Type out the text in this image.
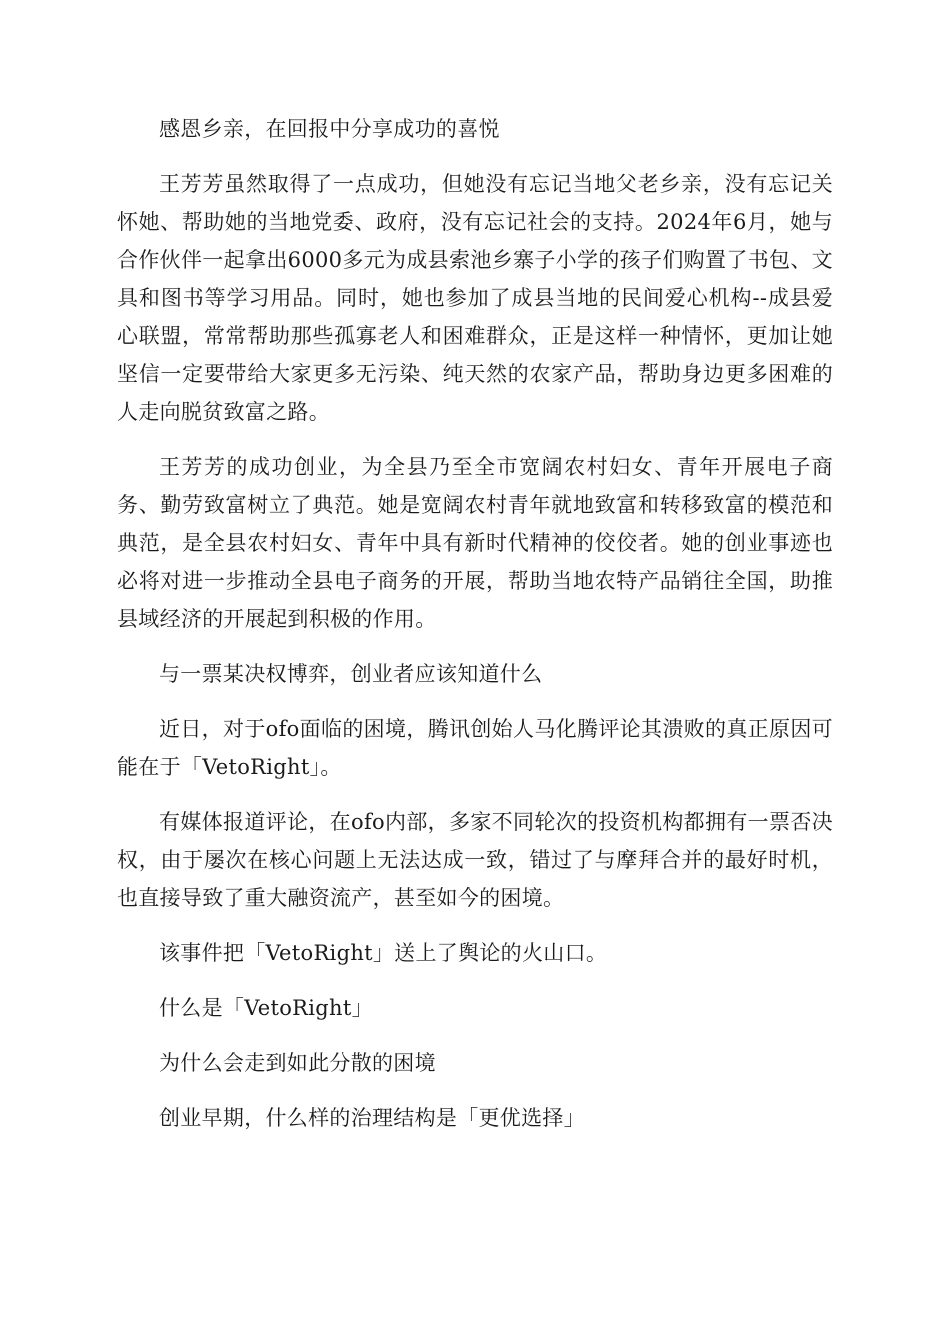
感恩乡亲，在回报中分享成功的喜悦

王芳芳虽然取得了一点成功，但她没有忘记当地父老乡亲，没有忘记关怀她、帮助她的当地党委、政府，没有忘记社会的支持。2024年6月，她与合作伙伴一起拿出6000多元为成县索池乡寨子小学的孩子们购置了书包、文具和图书等学习用品。同时，她也参加了成县当地的民间爱心机构--成县爱心联盟，常常帮助那些孤寡老人和困难群众，正是这样一种情怀，更加让她坚信一定要带给大家更多无污染、纯天然的农家产品，帮助身边更多困难的人走向脱贫致富之路。

王芳芳的成功创业，为全县乃至全市宽阔农村妇女、青年开展电子商务、勤劳致富树立了典范。她是宽阔农村青年就地致富和转移致富的模范和典范，是全县农村妇女、青年中具有新时代精神的佼佼者。她的创业事迹也必将对进一步推动全县电子商务的开展，帮助当地农特产品销往全国，助推县域经济的开展起到积极的作用。

与一票某决权博弈，创业者应该知道什么

近日，对于ofo面临的困境，腾讯创始人马化腾评论其溃败的真正原因可能在于「VetoRight」。

有媒体报道评论，在ofo内部，多家不同轮次的投资机构都拥有一票否决权，由于屡次在核心问题上无法达成一致，错过了与摩拜合并的最好时机，也直接导致了重大融资流产，甚至如今的困境。

该事件把「VetoRight」送上了舆论的火山口。

什么是「VetoRight」

为什么会走到如此分散的困境

创业早期，什么样的治理结构是「更优选择」
